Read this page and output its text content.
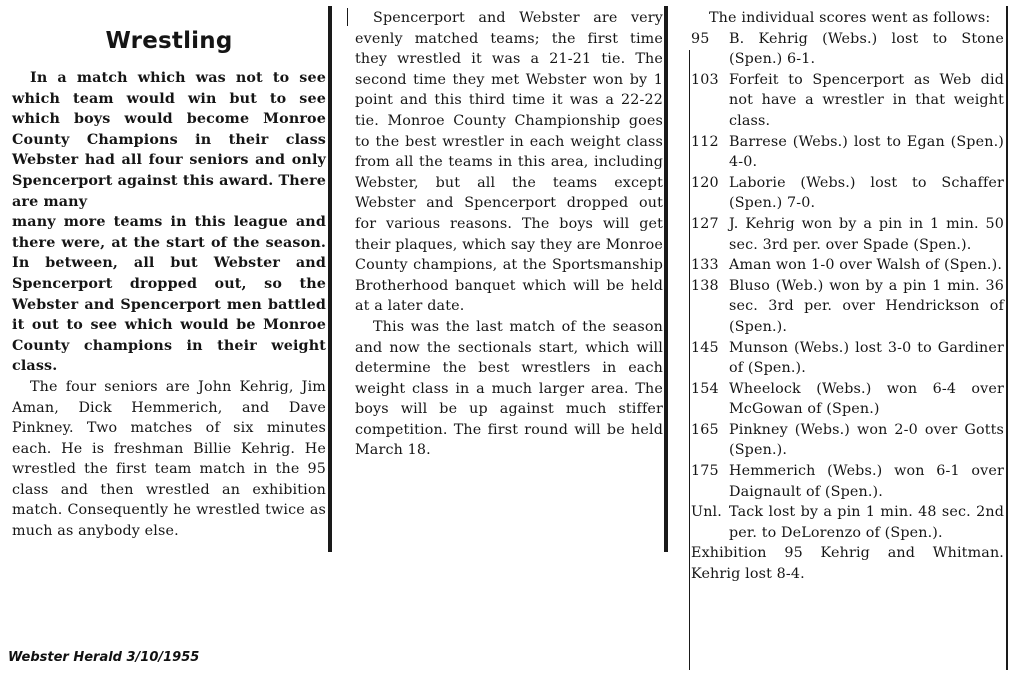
Wrestling

In a match which was not to see which team would win but to see which boys would become Monroe County Champions in their class Webster had all four seniors and only Spencerport against this award. There are many

many more teams in this league and there were, at the start of the season. In between, all but Webster and Spencerport dropped out, so the Webster and Spencerport men battled it out to see which would be Monroe County champions in their weight class.

The four seniors are John Kehrig, Jim Aman, Dick Hemmerich, and Dave Pinkney. Two matches of six minutes each. He is freshman Billie Kehrig. He wrestled the first team match in the 95 class and then wrestled an exhibition match. Consequently he wrestled twice as much as anybody else.

Spencerport and Webster are very evenly matched teams; the first time they wrestled it was a 21-21 tie. The second time they met Webster won by 1 point and this third time it was a 22-22 tie. Monroe County Championship goes to the best wrestler in each weight class from all the teams in this area, including Webster, but all the teams except Webster and Spencerport dropped out for various reasons. The boys will get their plaques, which say they are Monroe County champions, at the Sportsmanship Brotherhood banquet which will be held at a later date.

This was the last match of the season and now the sectionals start, which will determine the best wrestlers in each weight class in a much larger area. The boys will be up against much stiffer competition. The first round will be held March 18.

The individual scores went as follows:
95	B. Kehrig (Webs.) lost to Stone (Spen.) 6-1.
103 Forfeit to Spencerport as Web did not have a wrestler in that weight class.
112 Barrese (Webs.) lost to Egan (Spen.) 4-0.
120 Laborie (Webs.) lost to Schaffer (Spen.) 7-0.
127 J. Kehrig won by a pin in 1 min. 50 sec. 3rd per. over Spade (Spen.).
133 Aman won 1-0 over Walsh of (Spen.).
138 Bluso (Web.) won by a pin 1 min. 36 sec. 3rd per. over Hendrickson of (Spen.).
145 Munson (Webs.) lost 3-0 to Gardiner of (Spen.).
154 Wheelock (Webs.) won 6-4 over McGowan of (Spen.)
165 Pinkney (Webs.) won 2-0 over Gotts (Spen.).
175 Hemmerich (Webs.) won 6-1 over Daignault of (Spen.).
Unl. Tack lost by a pin 1 min. 48 sec. 2nd per. to DeLorenzo of (Spen.).
Exhibition 95 Kehrig and Whitman. Kehrig lost 8-4.
Webster Herald 3/10/1955
